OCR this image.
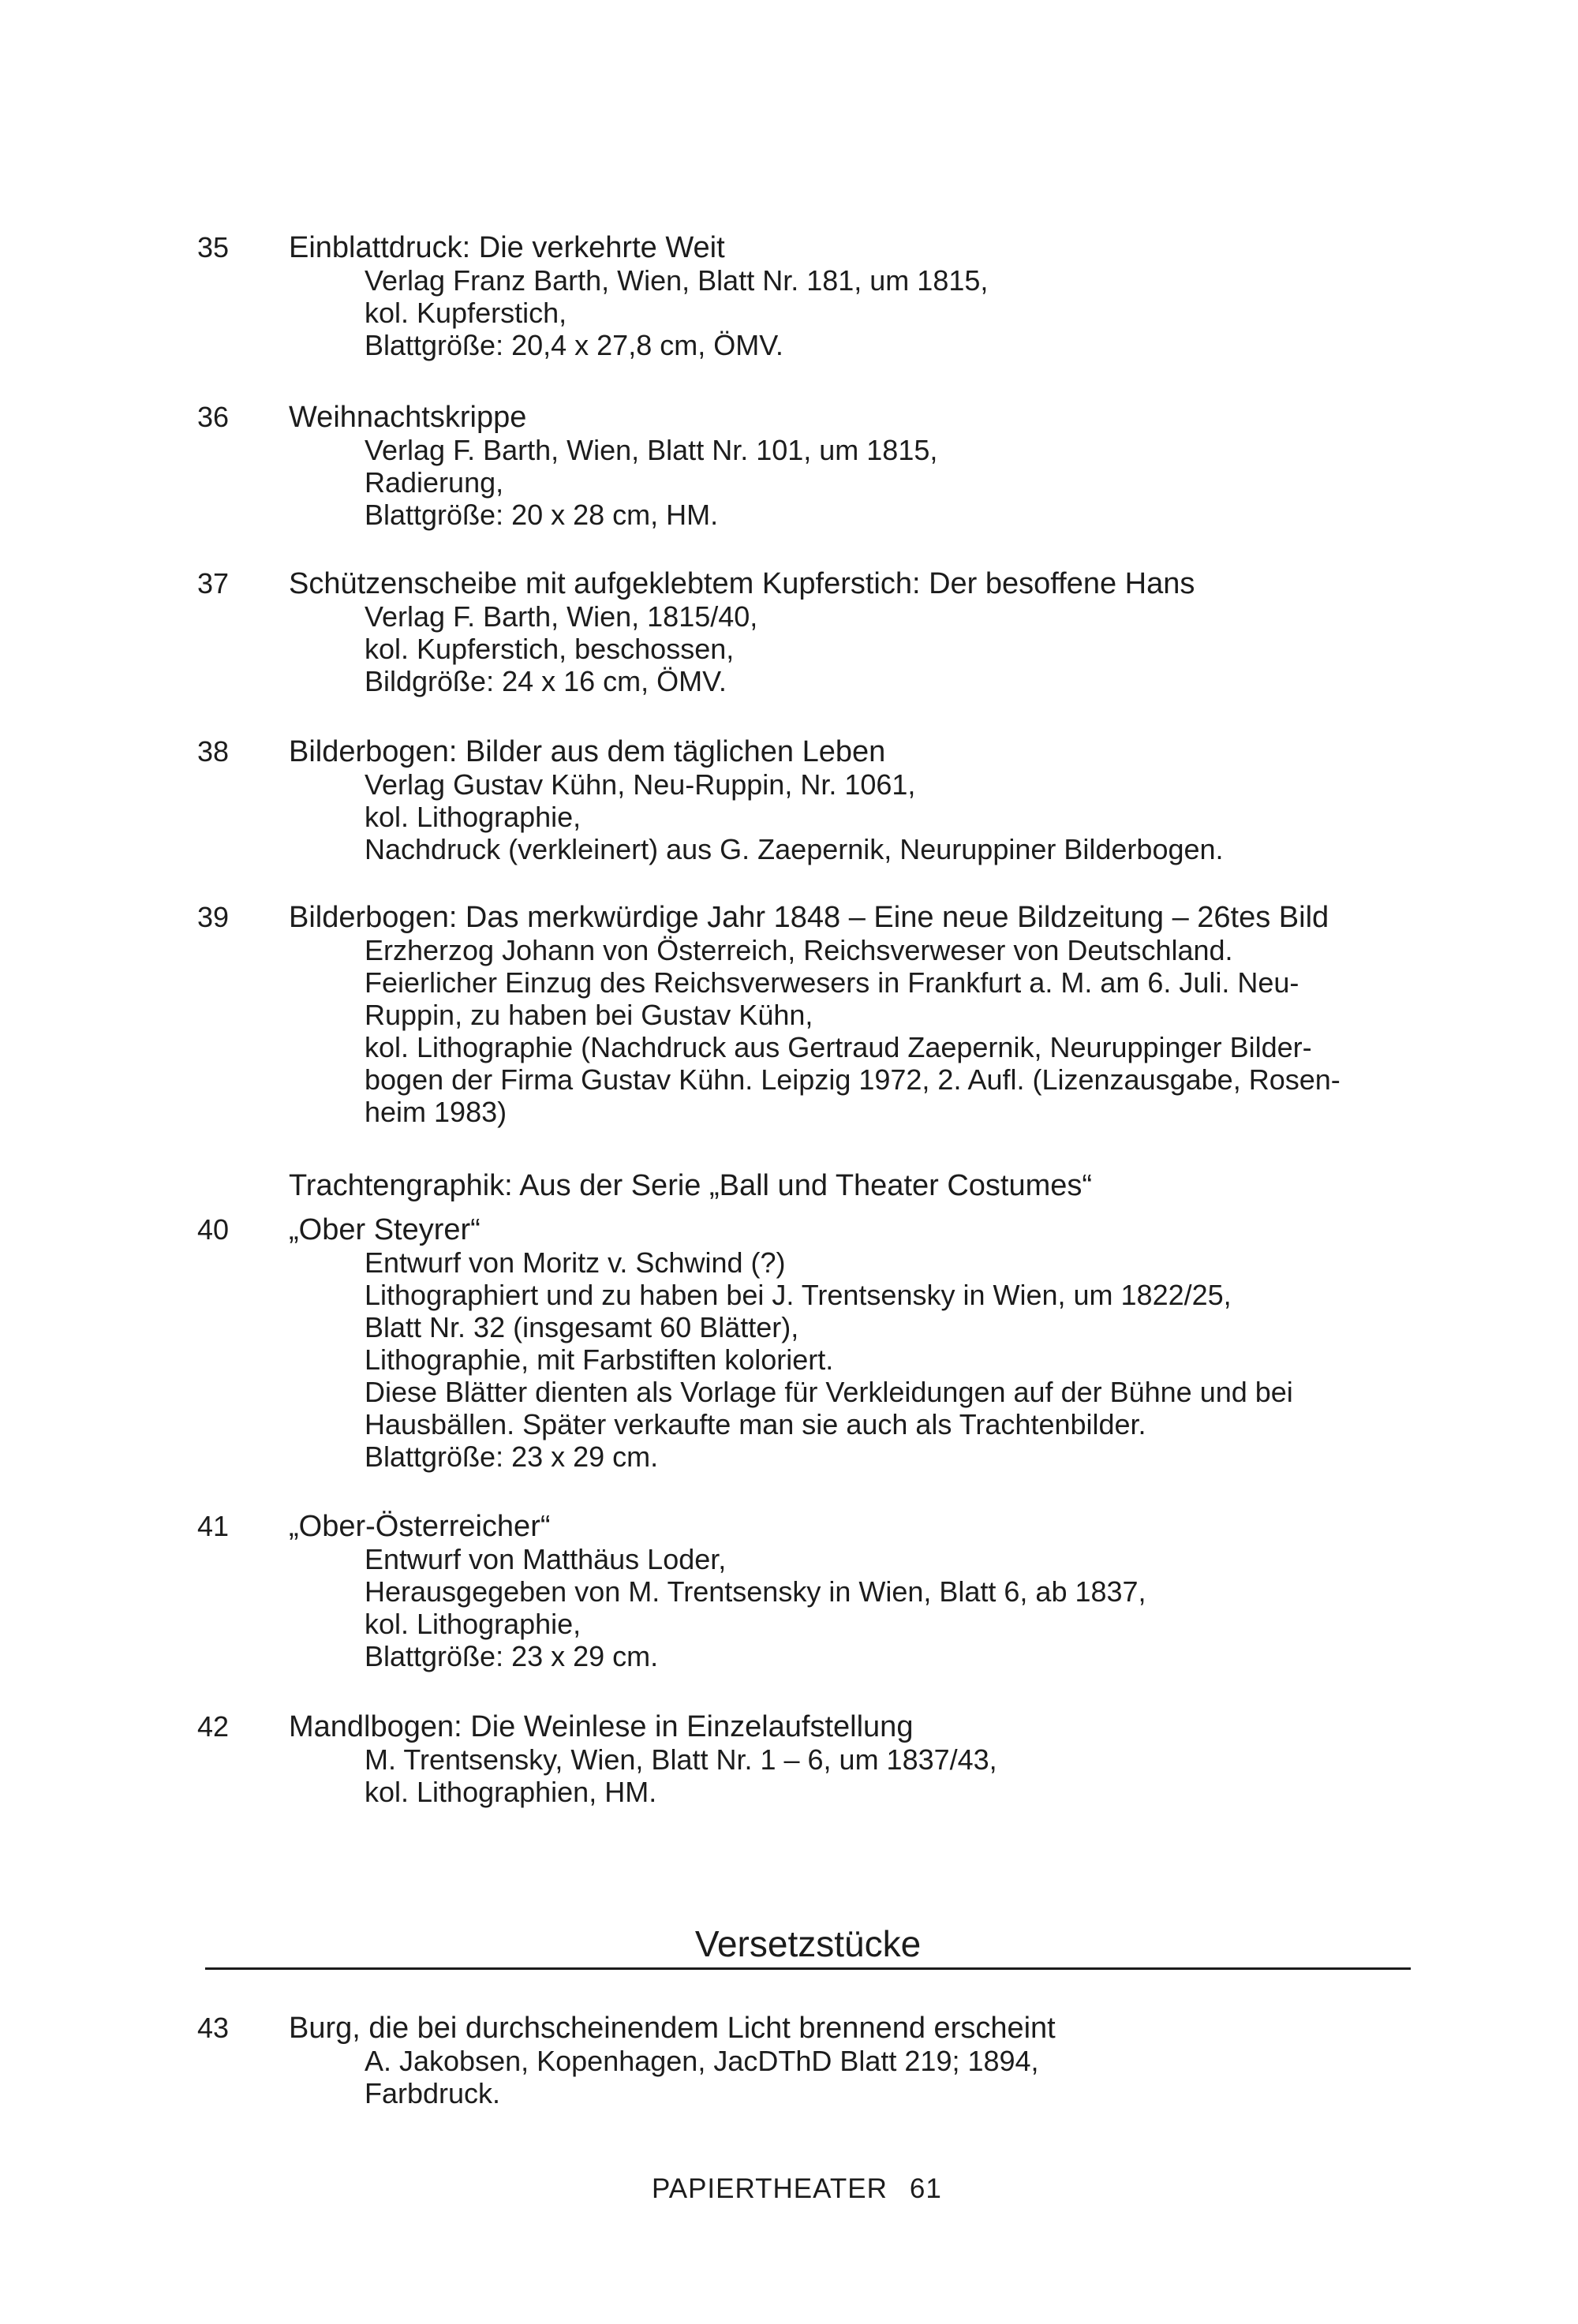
35	Einblattdruck: Die verkehrte Weit
Verlag Franz Barth, Wien, Blatt Nr. 181, um 1815,
kol. Kupferstich,
Blattgröße: 20,4 x 27,8 cm, ÖMV.
36	Weihnachtskrippe
Verlag F. Barth, Wien, Blatt Nr. 101, um 1815,
Radierung,
Blattgröße: 20 x 28 cm, HM.
37	Schützenscheibe mit aufgeklebtem Kupferstich: Der besoffene Hans
Verlag F. Barth, Wien, 1815/40,
kol. Kupferstich, beschossen,
Bildgröße: 24 x 16 cm, ÖMV.
38	Bilderbogen: Bilder aus dem täglichen Leben
Verlag Gustav Kühn, Neu-Ruppin, Nr. 1061,
kol. Lithographie,
Nachdruck (verkleinert) aus G. Zaepernik, Neuruppiner Bilderbogen.
39	Bilderbogen: Das merkwürdige Jahr 1848 – Eine neue Bildzeitung – 26tes Bild
Erzherzog Johann von Österreich, Reichsverweser von Deutschland.
Feierlicher Einzug des Reichsverwesers in Frankfurt a. M. am 6. Juli. Neu-
Ruppin, zu haben bei Gustav Kühn,
kol. Lithographie (Nachdruck aus Gertraud Zaepernik, Neuruppinger Bilder-
bogen der Firma Gustav Kühn. Leipzig 1972, 2. Aufl. (Lizenzausgabe, Rosen-
heim 1983)
Trachtengraphik: Aus der Serie „Ball und Theater Costumes“
40	„Ober Steyrer“
Entwurf von Moritz v. Schwind (?)
Lithographiert und zu haben bei J. Trentsensky in Wien, um 1822/25,
Blatt Nr. 32 (insgesamt 60 Blätter),
Lithographie, mit Farbstiften koloriert.
Diese Blätter dienten als Vorlage für Verkleidungen auf der Bühne und bei
Hausbällen. Später verkaufte man sie auch als Trachtenbilder.
Blattgröße: 23 x 29 cm.
41	„Ober-Österreicher“
Entwurf von Matthäus Loder,
Herausgegeben von M. Trentsensky in Wien, Blatt 6, ab 1837,
kol. Lithographie,
Blattgröße: 23 x 29 cm.
42	Mandlbogen: Die Weinlese in Einzelaufstellung
M. Trentsensky, Wien, Blatt Nr. 1 – 6, um 1837/43,
kol. Lithographien, HM.
Versetzstücke
43	Burg, die bei durchscheinendem Licht brennend erscheint
A. Jakobsen, Kopenhagen, JacDThD Blatt 219; 1894,
Farbdruck.
PAPIERTHEATER 61
